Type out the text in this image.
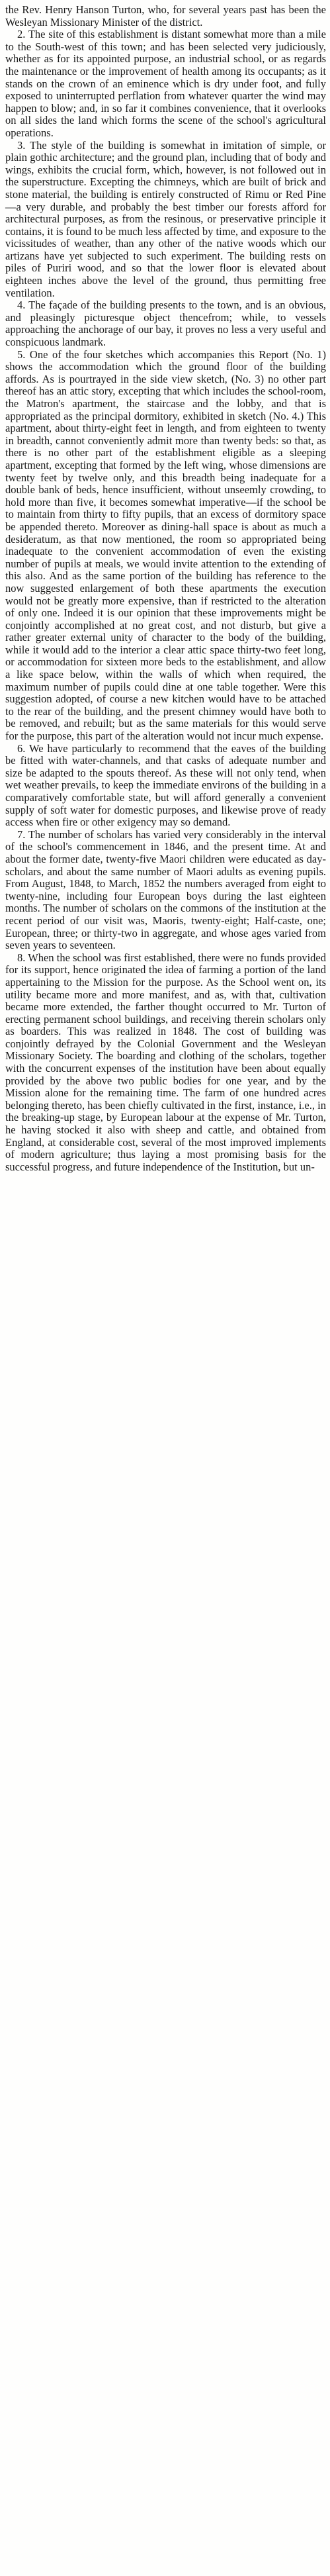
the Rev. Henry Hanson Turton, who, for several years past has been the Wesleyan Missionary Minister of the district.

2. The site of this establishment is distant somewhat more than a mile to the South-west of this town; and has been selected very judiciously, whether as for its appointed purpose, an industrial school, or as regards the maintenance or the improvement of health among its occupants; as it stands on the crown of an eminence which is dry under foot, and fully exposed to uninterrupted perflation from whatever quarter the wind may happen to blow; and, in so far it combines convenience, that it overlooks on all sides the land which forms the scene of the school's agricultural operations.

3. The style of the building is somewhat in imitation of simple, or plain gothic architecture; and the ground plan, including that of body and wings, exhibits the crucial form, which, however, is not followed out in the superstructure. Excepting the chimneys, which are built of brick and stone material, the building is entirely constructed of Rimu or Red Pine—a very durable, and probably the best timber our forests afford for architectural purposes, as from the resinous, or preservative principle it contains, it is found to be much less affected by time, and exposure to the vicissitudes of weather, than any other of the native woods which our artizans have yet subjected to such experiment. The building rests on piles of Puriri wood, and so that the lower floor is elevated about eighteen inches above the level of the ground, thus permitting free ventilation.

4. The façade of the building presents to the town, and is an obvious, and pleasingly picturesque object thencefrom; while, to vessels approaching the anchorage of our bay, it proves no less a very useful and conspicuous landmark.

5. One of the four sketches which accompanies this Report (No. 1) shows the accommodation which the ground floor of the building affords. As is pourtrayed in the side view sketch, (No. 3) no other part thereof has an attic story, excepting that which includes the school-room, the Matron's apartment, the staircase and the lobby, and that is appropriated as the principal dormitory, exhibited in sketch (No. 4.) This apartment, about thirty-eight feet in length, and from eighteen to twenty in breadth, cannot conveniently admit more than twenty beds: so that, as there is no other part of the establishment eligible as a sleeping apartment, excepting that formed by the left wing, whose dimensions are twenty feet by twelve only, and this breadth being inadequate for a double bank of beds, hence insufficient, without unseemly crowding, to hold more than five, it becomes somewhat imperative—if the school be to maintain from thirty to fifty pupils, that an excess of dormitory space be appended thereto. Moreover as dining-hall space is about as much a desideratum, as that now mentioned, the room so appropriated being inadequate to the convenient accommodation of even the existing number of pupils at meals, we would invite attention to the extending of this also. And as the same portion of the building has reference to the now suggested enlargement of both these apartments the execution would not be greatly more expensive, than if restricted to the alteration of only one. Indeed it is our opinion that these improvements might be conjointly accomplished at no great cost, and not disturb, but give a rather greater external unity of character to the body of the building, while it would add to the interior a clear attic space thirty-two feet long, or accommodation for sixteen more beds to the establishment, and allow a like space below, within the walls of which when required, the maximum number of pupils could dine at one table together. Were this suggestion adopted, of course a new kitchen would have to be attached to the rear of the building, and the present chimney would have both to be removed, and rebuilt; but as the same materials for this would serve for the purpose, this part of the alteration would not incur much expense.

6. We have particularly to recommend that the eaves of the building be fitted with water-channels, and that casks of adequate number and size be adapted to the spouts thereof. As these will not only tend, when wet weather prevails, to keep the immediate environs of the building in a comparatively comfortable state, but will afford generally a convenient supply of soft water for domestic purposes, and likewise prove of ready access when fire or other exigency may so demand.

7. The number of scholars has varied very considerably in the interval of the school's commencement in 1846, and the present time. At and about the former date, twenty-five Maori children were educated as day-scholars, and about the same number of Maori adults as evening pupils. From August, 1848, to March, 1852 the numbers averaged from eight to twenty-nine, including four European boys during the last eighteen months. The number of scholars on the commons of the institution at the recent period of our visit was, Maoris, twenty-eight; Half-caste, one; European, three; or thirty-two in aggregate, and whose ages varied from seven years to seventeen.

8. When the school was first established, there were no funds provided for its support, hence originated the idea of farming a portion of the land appertaining to the Mission for the purpose. As the School went on, its utility became more and more manifest, and as, with that, cultivation became more extended, the farther thought occurred to Mr. Turton of erecting permanent school buildings, and receiving therein scholars only as boarders. This was realized in 1848. The cost of building was conjointly defrayed by the Colonial Government and the Wesleyan Missionary Society. The boarding and clothing of the scholars, together with the concurrent expenses of the institution have been about equally provided by the above two public bodies for one year, and by the Mission alone for the remaining time. The farm of one hundred acres belonging thereto, has been chiefly cultivated in the first, instance, i.e., in the breaking-up stage, by European labour at the expense of Mr. Turton, he having stocked it also with sheep and cattle, and obtained from England, at considerable cost, several of the most improved implements of modern agriculture; thus laying a most promising basis for the successful progress, and future independence of the Institution, but un-
